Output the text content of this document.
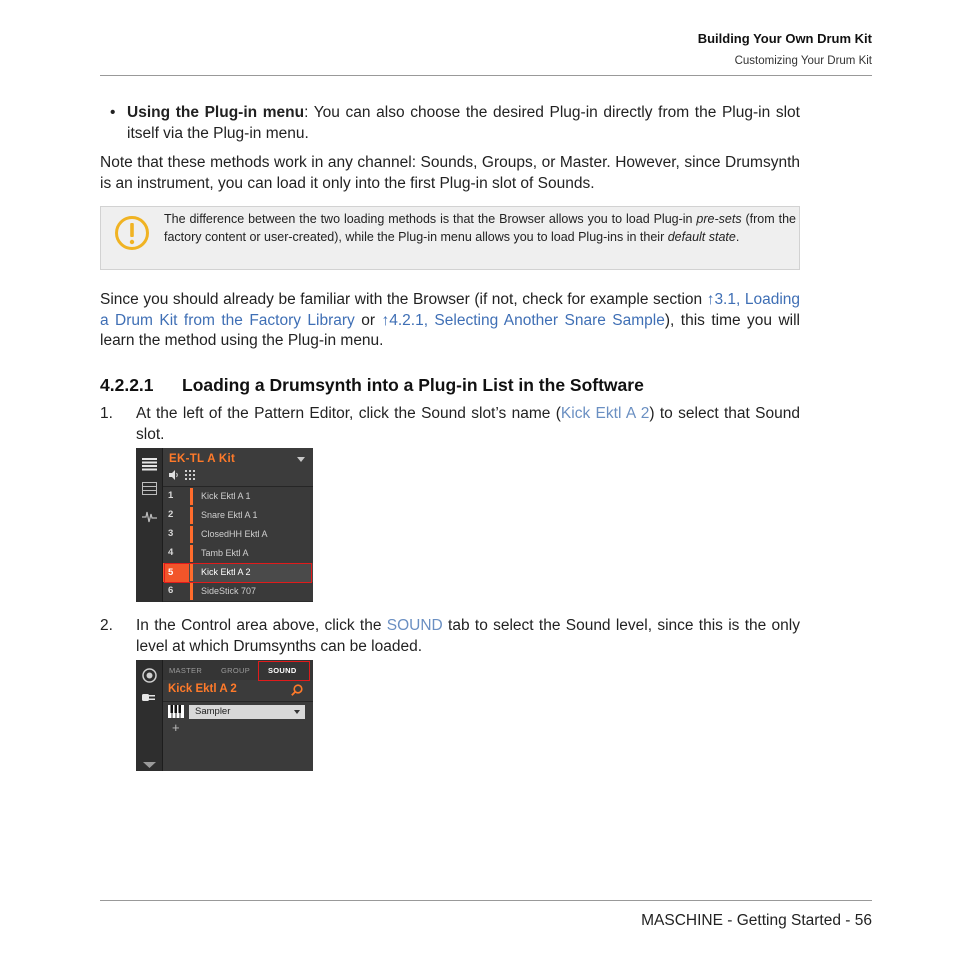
Building Your Own Drum Kit
Customizing Your Drum Kit
• Using the Plug-in menu: You can also choose the desired Plug-in directly from the Plug-in slot itself via the Plug-in menu.
Note that these methods work in any channel: Sounds, Groups, or Master. However, since Drumsynth is an instrument, you can load it only into the first Plug-in slot of Sounds.
The difference between the two loading methods is that the Browser allows you to load Plug-in pre-sets (from the factory content or user-created), while the Plug-in menu allows you to load Plug-ins in their default state.
Since you should already be familiar with the Browser (if not, check for example section ↑3.1, Loading a Drum Kit from the Factory Library or ↑4.2.1, Selecting Another Snare Sample), this time you will learn the method using the Plug-in menu.
4.2.2.1 Loading a Drumsynth into a Plug-in List in the Software
1. At the left of the Pattern Editor, click the Sound slot’s name (Kick Ektl A 2) to select that Sound slot.
EK-TL A Kit
1	Kick Ektl A 1
2	Snare Ektl A 1
3	ClosedHH Ektl A
4	Tamb Ektl A
5	Kick Ektl A 2
6	SideStick 707
2. In the Control area above, click the SOUND tab to select the Sound level, since this is the only level at which Drumsynths can be loaded.
MASTER	GROUP SOUND
Kick Ektl A 2
Sampler
+
MASCHINE - Getting Started - 56
